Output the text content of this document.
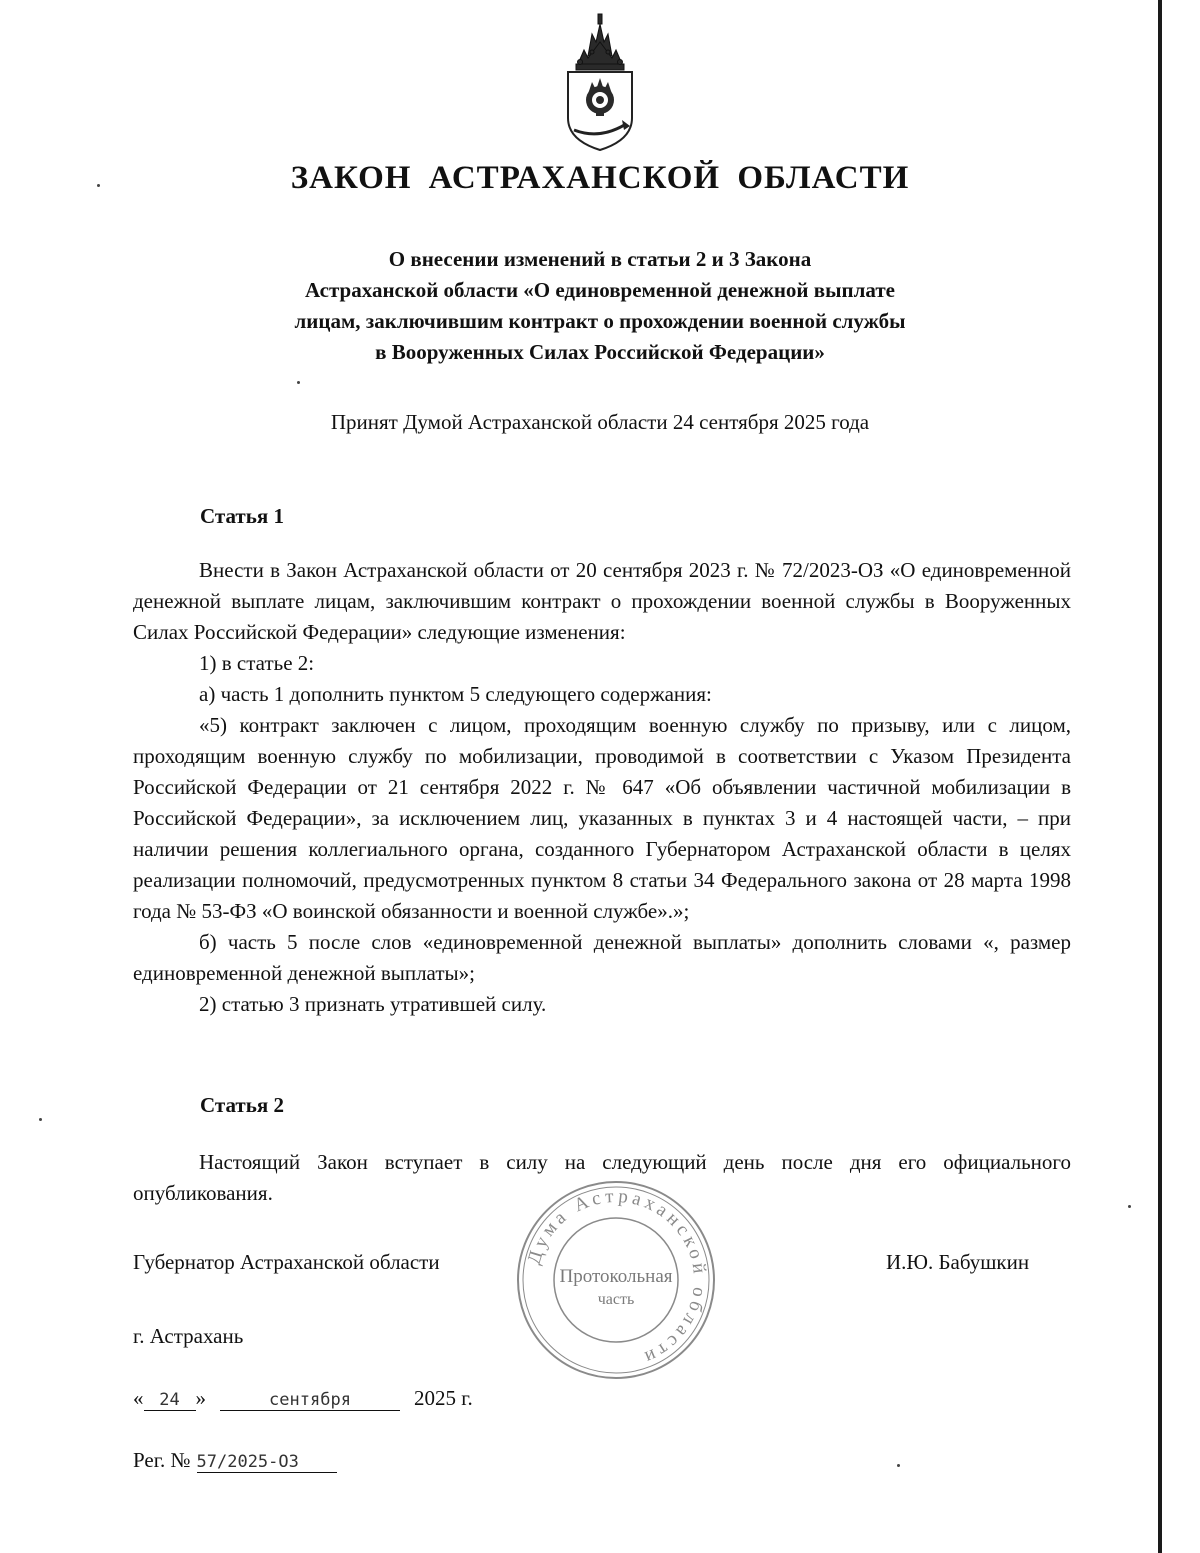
ЗАКОН АСТРАХАНСКОЙ ОБЛАСТИ
О внесении изменений в статьи 2 и 3 Закона
Астраханской области «О единовременной денежной выплате
лицам, заключившим контракт о прохождении военной службы
в Вооруженных Силах Российской Федерации»
Принят Думой Астраханской области 24 сентября 2025 года
Статья 1

Внести в Закон Астраханской области от 20 сентября 2023 г. № 72/2023-ОЗ «О единовременной денежной выплате лицам, заключившим контракт о прохождении военной службы в Вооруженных Силах Российской Федерации» следующие изменения:

1) в статье 2:

а) часть 1 дополнить пунктом 5 следующего содержания:

«5) контракт заключен с лицом, проходящим военную службу по призыву, или с лицом, проходящим военную службу по мобилизации, проводимой в соответствии с Указом Президента Российской Федерации от 21 сентября 2022 г. № 647 «Об объявлении частичной мобилизации в Российской Федерации», за исключением лиц, указанных в пунктах 3 и 4 настоящей части, – при наличии решения коллегиального органа, созданного Губернатором Астраханской области в целях реализации полномочий, предусмотренных пунктом 8 статьи 34 Федерального закона от 28 марта 1998 года № 53-ФЗ «О воинской обязанности и военной службе».»;

б) часть 5 после слов «единовременной денежной выплаты» дополнить словами «, размер единовременной денежной выплаты»;

2) статью 3 признать утратившей силу.

Статья 2

Настоящий Закон вступает в силу на следующий день после дня его официального опубликования.

Губернатор Астраханской области	И.Ю. Бабушкин
г. Астрахань
« 24 »	сентября	2025 г.
Рег. № 57/2025-ОЗ
Дума Астраханской области
Протокольная
часть
